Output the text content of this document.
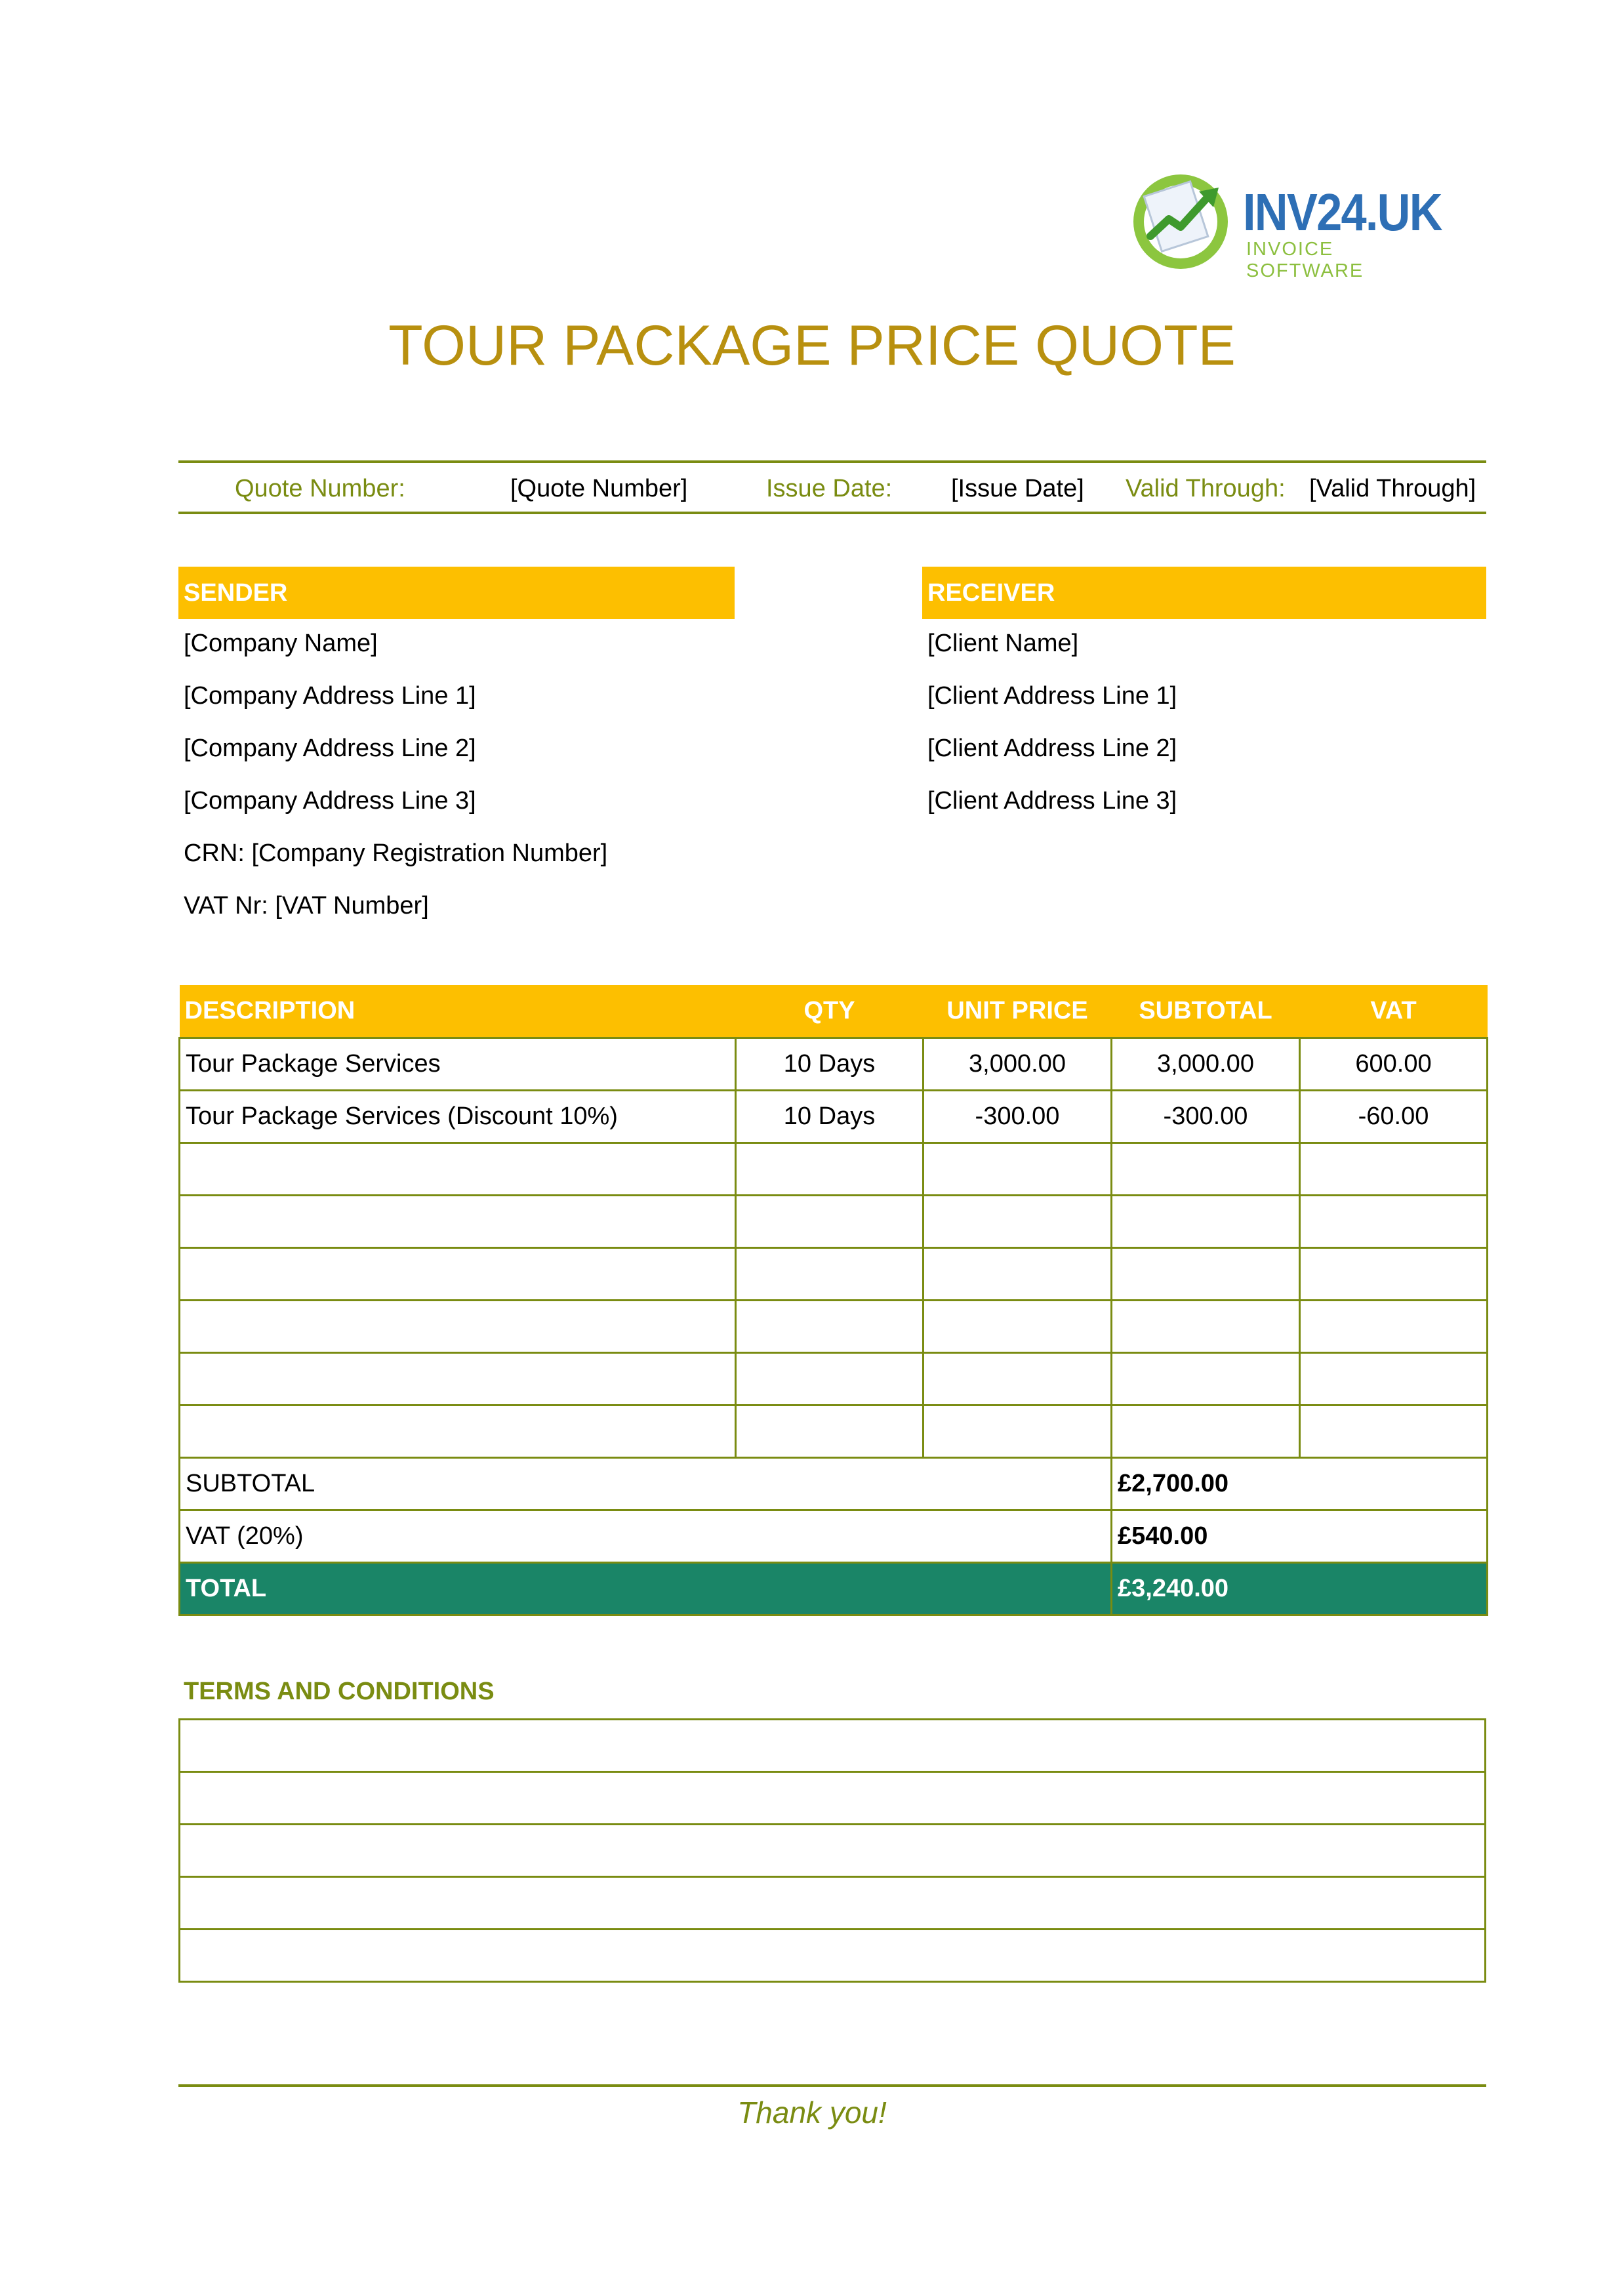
INV24.UK
INVOICE SOFTWARE
TOUR PACKAGE PRICE QUOTE
Quote Number:	[Quote Number]	Issue Date: [Issue Date] Valid Through: [Valid Through]
SENDER
[Company Name]
[Company Address Line 1]
[Company Address Line 2]
[Company Address Line 3]
CRN: [Company Registration Number]
VAT Nr: [VAT Number]
RECEIVER
[Client Name]
[Client Address Line 1]
[Client Address Line 2]
[Client Address Line 3]
DESCRIPTION	QTY	UNIT PRICE	SUBTOTAL	VAT
Tour Package Services	10 Days	3,000.00	3,000.00	600.00
Tour Package Services (Discount 10%)	10 Days	-300.00	-300.00	-60.00

SUBTOTAL			£2,700.00	
VAT (20%)			£540.00	
TOTAL			£3,240.00	
TERMS AND CONDITIONS

Thank you!
